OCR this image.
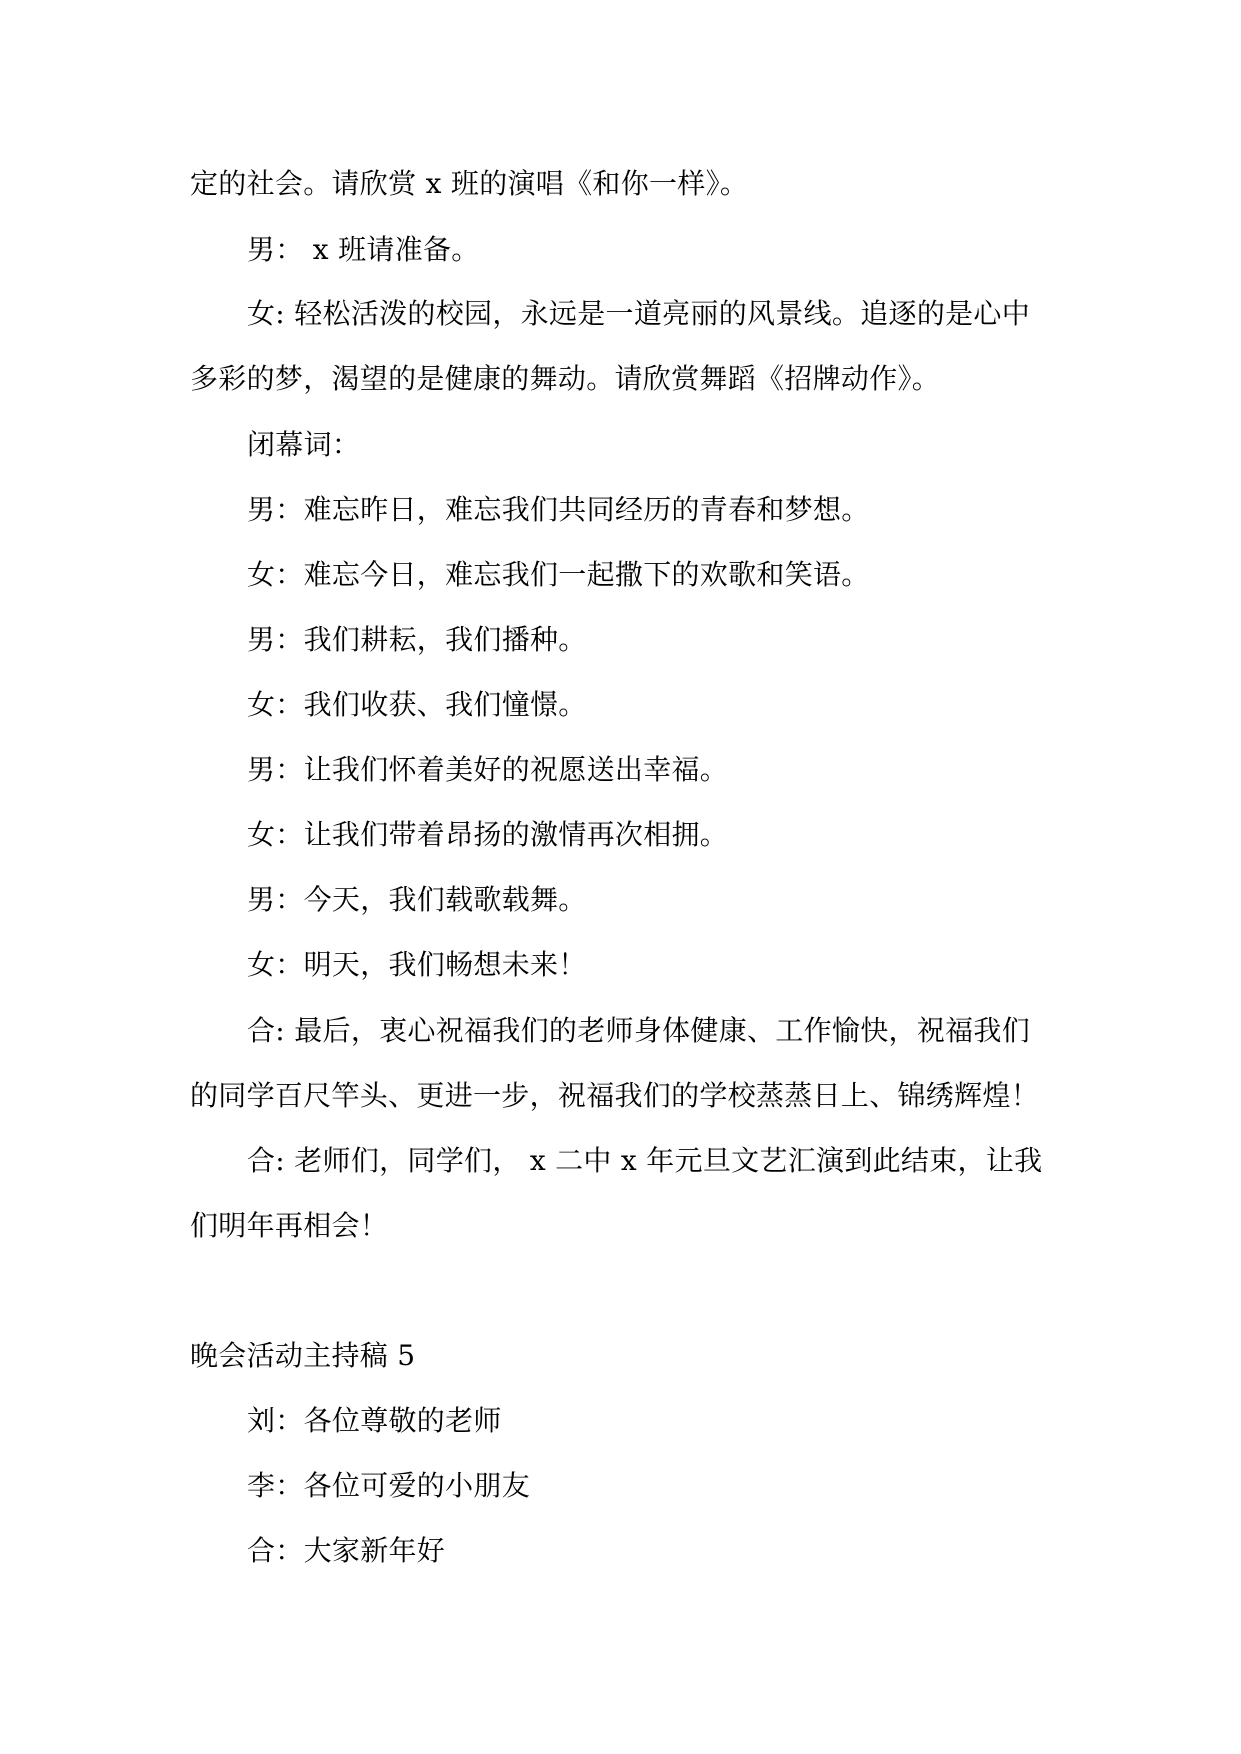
定的社会。请欣赏 x 班的演唱《和你一样》。
男： x 班请准备。
女: 轻松活泼的校园，永远是一道亮丽的风景线。追逐的是心中
多彩的梦，渴望的是健康的舞动。请欣赏舞蹈《招牌动作》。
闭幕词：
男：难忘昨日，难忘我们共同经历的青春和梦想。
女：难忘今日，难忘我们一起撒下的欢歌和笑语。
男：我们耕耘，我们播种。
女：我们收获、我们憧憬。
男：让我们怀着美好的祝愿送出幸福。
女：让我们带着昂扬的激情再次相拥。
男：今天，我们载歌载舞。
女：明天，我们畅想未来！
合: 最后，衷心祝福我们的老师身体健康、工作愉快，祝福我们
的同学百尺竿头、更进一步，祝福我们的学校蒸蒸日上、锦绣辉煌！
合: 老师们，同学们， x 二中 x 年元旦文艺汇演到此结束，让我
们明年再相会！
晚会活动主持稿 5
刘：各位尊敬的老师
李：各位可爱的小朋友
合：大家新年好
